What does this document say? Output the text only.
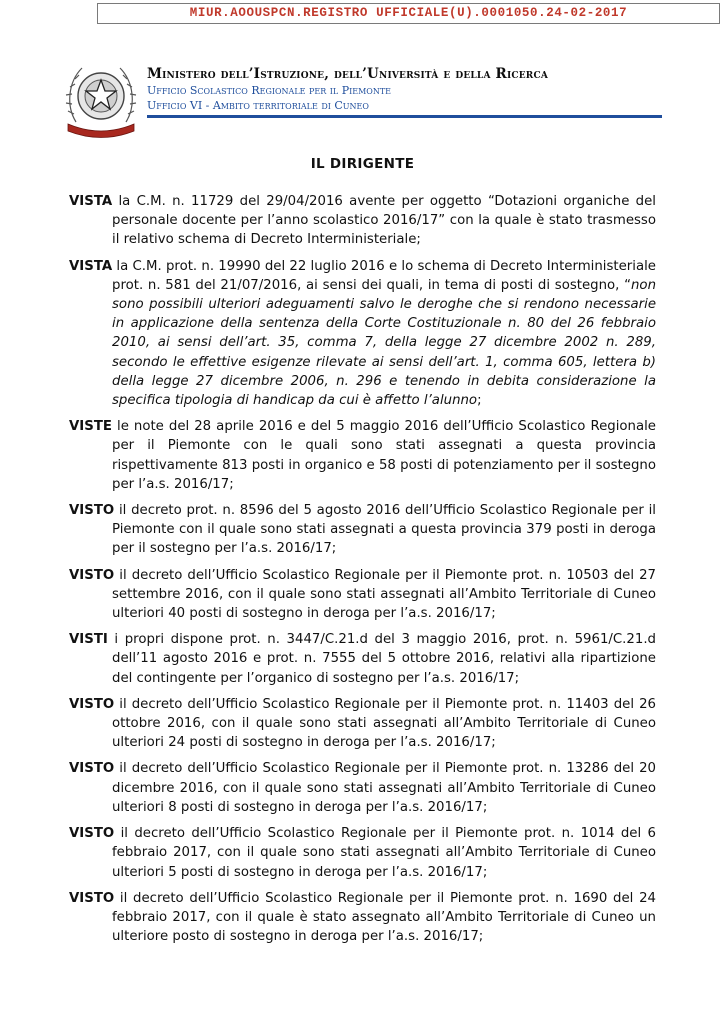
MIUR.AOOUSPCN.REGISTRO UFFICIALE(U).0001050.24-02-2017
Ministero dell’Istruzione, dell’Università e della Ricerca
Ufficio Scolastico Regionale per il Piemonte
Ufficio VI - Ambito territoriale di Cuneo
IL DIRIGENTE

VISTA la C.M. n. 11729 del 29/04/2016 avente per oggetto “Dotazioni organiche del personale docente per l’anno scolastico 2016/17” con la quale è stato trasmesso il relativo schema di Decreto Interministeriale;

VISTA la C.M. prot. n. 19990 del 22 luglio 2016 e lo schema di Decreto Interministeriale prot. n. 581 del 21/07/2016, ai sensi dei quali, in tema di posti di sostegno, “non sono possibili ulteriori adeguamenti salvo le deroghe che si rendono necessarie in applicazione della sentenza della Corte Costituzionale n. 80 del 26 febbraio 2010, ai sensi dell’art. 35, comma 7, della legge 27 dicembre 2002 n. 289, secondo le effettive esigenze rilevate ai sensi dell’art. 1, comma 605, lettera b) della legge 27 dicembre 2006, n. 296 e tenendo in debita considerazione la specifica tipologia di handicap da cui è affetto l’alunno;

VISTE le note del 28 aprile 2016 e del 5 maggio 2016 dell’Ufficio Scolastico Regionale per il Piemonte con le quali sono stati assegnati a questa provincia rispettivamente 813 posti in organico e 58 posti di potenziamento per il sostegno per l’a.s. 2016/17;

VISTO il decreto prot. n. 8596 del 5 agosto 2016 dell’Ufficio Scolastico Regionale per il Piemonte con il quale sono stati assegnati a questa provincia 379 posti in deroga per il sostegno per l’a.s. 2016/17;

VISTO il decreto dell’Ufficio Scolastico Regionale per il Piemonte prot. n. 10503 del 27 settembre 2016, con il quale sono stati assegnati all’Ambito Territoriale di Cuneo ulteriori 40 posti di sostegno in deroga per l’a.s. 2016/17;

VISTI i propri dispone prot. n. 3447/C.21.d del 3 maggio 2016, prot. n. 5961/C.21.d dell’11 agosto 2016 e prot. n. 7555 del 5 ottobre 2016, relativi alla ripartizione del contingente per l’organico di sostegno per l’a.s. 2016/17;

VISTO il decreto dell’Ufficio Scolastico Regionale per il Piemonte prot. n. 11403 del 26 ottobre 2016, con il quale sono stati assegnati all’Ambito Territoriale di Cuneo ulteriori 24 posti di sostegno in deroga per l’a.s. 2016/17;

VISTO il decreto dell’Ufficio Scolastico Regionale per il Piemonte prot. n. 13286 del 20 dicembre 2016, con il quale sono stati assegnati all’Ambito Territoriale di Cuneo ulteriori 8 posti di sostegno in deroga per l’a.s. 2016/17;

VISTO il decreto dell’Ufficio Scolastico Regionale per il Piemonte prot. n. 1014 del 6 febbraio 2017, con il quale sono stati assegnati all’Ambito Territoriale di Cuneo ulteriori 5 posti di sostegno in deroga per l’a.s. 2016/17;

VISTO il decreto dell’Ufficio Scolastico Regionale per il Piemonte prot. n. 1690 del 24 febbraio 2017, con il quale è stato assegnato all’Ambito Territoriale di Cuneo un ulteriore posto di sostegno in deroga per l’a.s. 2016/17;
